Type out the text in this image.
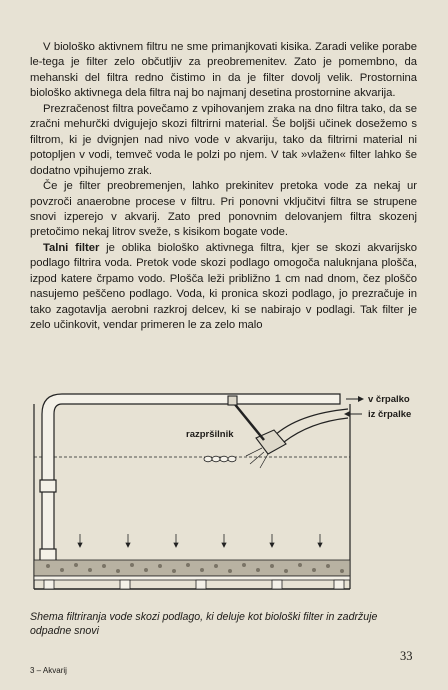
V biološko aktivnem filtru ne sme primanjkovati kisika. Zaradi velike porabe le-tega je filter zelo občutljiv za preobremenitev. Zato je pomembno, da mehanski del filtra redno čistimo in da je filter dovolj velik. Prostornina biološko aktivnega dela filtra naj bo najmanj desetina prostornine akvarija.

Prezračenost filtra povečamo z vpihovanjem zraka na dno filtra tako, da se zračni mehurčki dvigujejo skozi filtrirni material. Še boljši učinek dosežemo s filtrom, ki je dvignjen nad nivo vode v akvariju, tako da filtrirni material ni potopljen v vodi, temveč voda le polzi po njem. V tak »vlažen« filter lahko še dodatno vpihujemo zrak.

Če je filter preobremenjen, lahko prekinitev pretoka vode za nekaj ur povzroči anaerobne procese v filtru. Pri ponovni vključitvi filtra se strupene snovi izperejo v akvarij. Zato pred ponovnim delovanjem filtra skozenj pretočimo nekaj litrov sveže, s kisikom bogate vode.

Talni filter je oblika biološko aktivnega filtra, kjer se skozi akvarijsko podlago filtrira voda. Pretok vode skozi podlago omogoča naluknjana plošča, izpod katere črpamo vodo. Plošča leži približno 1 cm nad dnom, čez ploščo nasujemo peščeno podlago. Voda, ki pronica skozi podlago, jo prezračuje in tako zagotavlja aerobni razkroj delcev, ki se nabirajo v podlagi. Tak filter je zelo učinkovit, vendar primeren le za zelo malo

v črpalko
iz črpalke
razpršilnik
Shema filtriranja vode skozi podlago, ki deluje kot biološki filter in zadržuje odpadne snovi
3 – Akvarij
33
